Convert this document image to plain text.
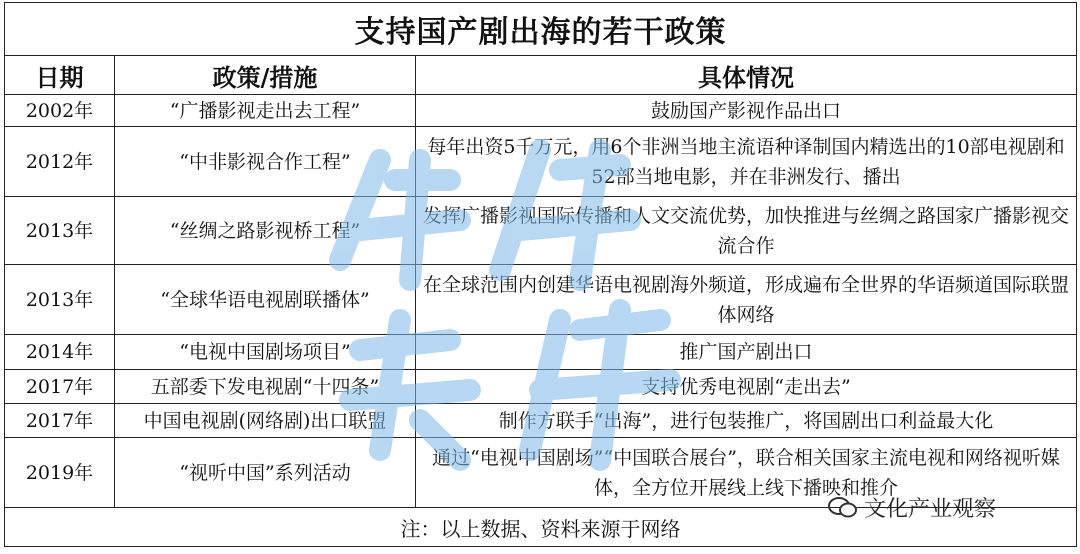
支持国产剧出海的若干政策		
日期	政策/措施	具体情况
2002年	“广播影视走出去工程”	鼓励国产影视作品出口
2012年	“中非影视合作工程”	每年出资5千万元，用6个非洲当地主流语种译制国内精选出的10部电视剧和52部当地电影，并在非洲发行、播出
2013年	“丝绸之路影视桥工程”	发挥广播影视国际传播和人文交流优势，加快推进与丝绸之路国家广播影视交流合作
2013年	“全球华语电视剧联播体”	在全球范围内创建华语电视剧海外频道，形成遍布全世界的华语频道国际联盟体网络
2014年	“电视中国剧场项目”	推广国产剧出口
2017年	五部委下发电视剧“十四条”	支持优秀电视剧“走出去”
2017年	中国电视剧(网络剧)出口联盟	制作方联手“出海”，进行包装推广，将国剧出口利益最大化
2019年	“视听中国”系列活动	通过“电视中国剧场”“中国联合展台”，联合相关国家主流电视和网络视听媒体，全方位开展线上线下播映和推介
注：以上数据、资料来源于网络		
文化产业观察
